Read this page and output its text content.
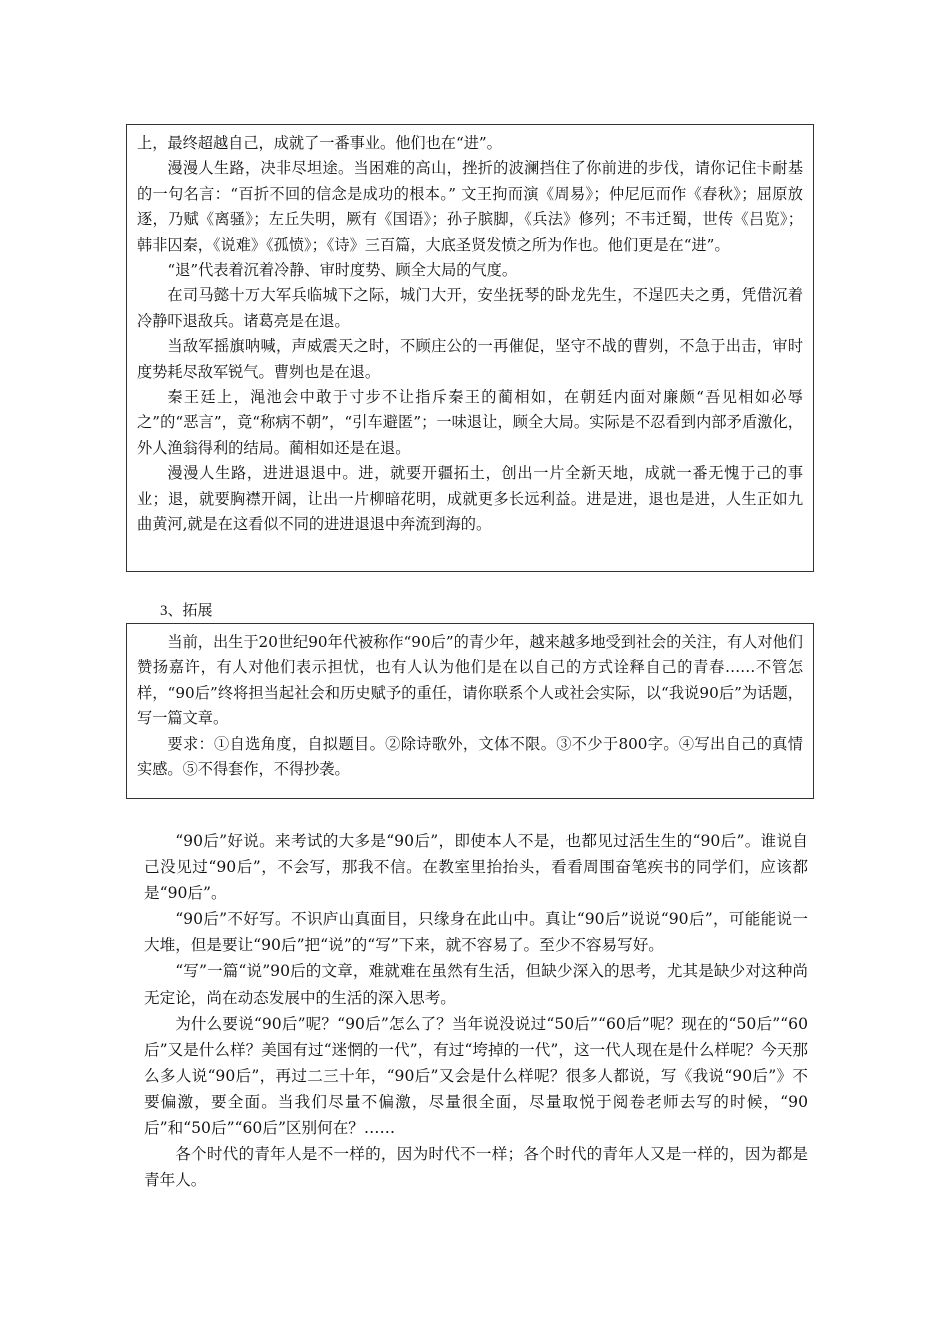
上，最终超越自己，成就了一番事业。他们也在“进”。

漫漫人生路，决非尽坦途。当困难的高山，挫折的波澜挡住了你前进的步伐，请你记住卡耐基的一句名言：“百折不回的信念是成功的根本。” 文王拘而演《周易》；仲尼厄而作《春秋》；屈原放逐，乃赋《离骚》；左丘失明，厥有《国语》；孙子膑脚，《兵法》修列；不韦迁蜀，世传《吕览》；韩非囚秦，《说难》《孤愤》；《诗》三百篇，大底圣贤发愤之所为作也。他们更是在“进”。

“退”代表着沉着冷静、审时度势、顾全大局的气度。

在司马懿十万大军兵临城下之际，城门大开，安坐抚琴的卧龙先生，不逞匹夫之勇，凭借沉着冷静吓退敌兵。诸葛亮是在退。

当敌军摇旗呐喊，声威震天之时，不顾庄公的一再催促，坚守不战的曹刿，不急于出击，审时度势耗尽敌军锐气。曹刿也是在退。

秦王廷上，渑池会中敢于寸步不让指斥秦王的蔺相如，在朝廷内面对廉颇“吾见相如必辱之”的“恶言”，竟“称病不朝”，“引车避匿”；一味退让，顾全大局。实际是不忍看到内部矛盾激化，外人渔翁得利的结局。蔺相如还是在退。

漫漫人生路，进进退退中。进，就要开疆拓土，创出一片全新天地，成就一番无愧于己的事业；退，就要胸襟开阔，让出一片柳暗花明，成就更多长远利益。进是进，退也是进，人生正如九曲黄河,就是在这看似不同的进进退退中奔流到海的。

3、拓展

当前，出生于20世纪90年代被称作“90后”的青少年，越来越多地受到社会的关注，有人对他们赞扬嘉许，有人对他们表示担忧，也有人认为他们是在以自己的方式诠释自己的青春……不管怎样，“90后”终将担当起社会和历史赋予的重任，请你联系个人或社会实际，以“我说90后”为话题，写一篇文章。

要求：①自选角度，自拟题目。②除诗歌外，文体不限。③不少于800字。④写出自己的真情实感。⑤不得套作，不得抄袭。

“90后”好说。来考试的大多是“90后”，即使本人不是，也都见过活生生的“90后”。谁说自己没见过“90后”，不会写，那我不信。在教室里抬抬头，看看周围奋笔疾书的同学们，应该都是“90后”。

“90后”不好写。不识庐山真面目，只缘身在此山中。真让“90后”说说“90后”，可能能说一大堆，但是要让“90后”把“说”的“写”下来，就不容易了。至少不容易写好。

“写”一篇“说”90后的文章，难就难在虽然有生活，但缺少深入的思考，尤其是缺少对这种尚无定论，尚在动态发展中的生活的深入思考。

为什么要说“90后”呢？“90后”怎么了？当年说没说过“50后”“60后”呢？现在的“50后”“60后”又是什么样？美国有过“迷惘的一代”，有过“垮掉的一代”，这一代人现在是什么样呢？今天那么多人说“90后”，再过二三十年，“90后”又会是什么样呢？很多人都说，写《我说“90后”》不要偏激，要全面。当我们尽量不偏激，尽量很全面，尽量取悦于阅卷老师去写的时候，“90后”和“50后”“60后”区别何在？……

各个时代的青年人是不一样的，因为时代不一样；各个时代的青年人又是一样的，因为都是青年人。
